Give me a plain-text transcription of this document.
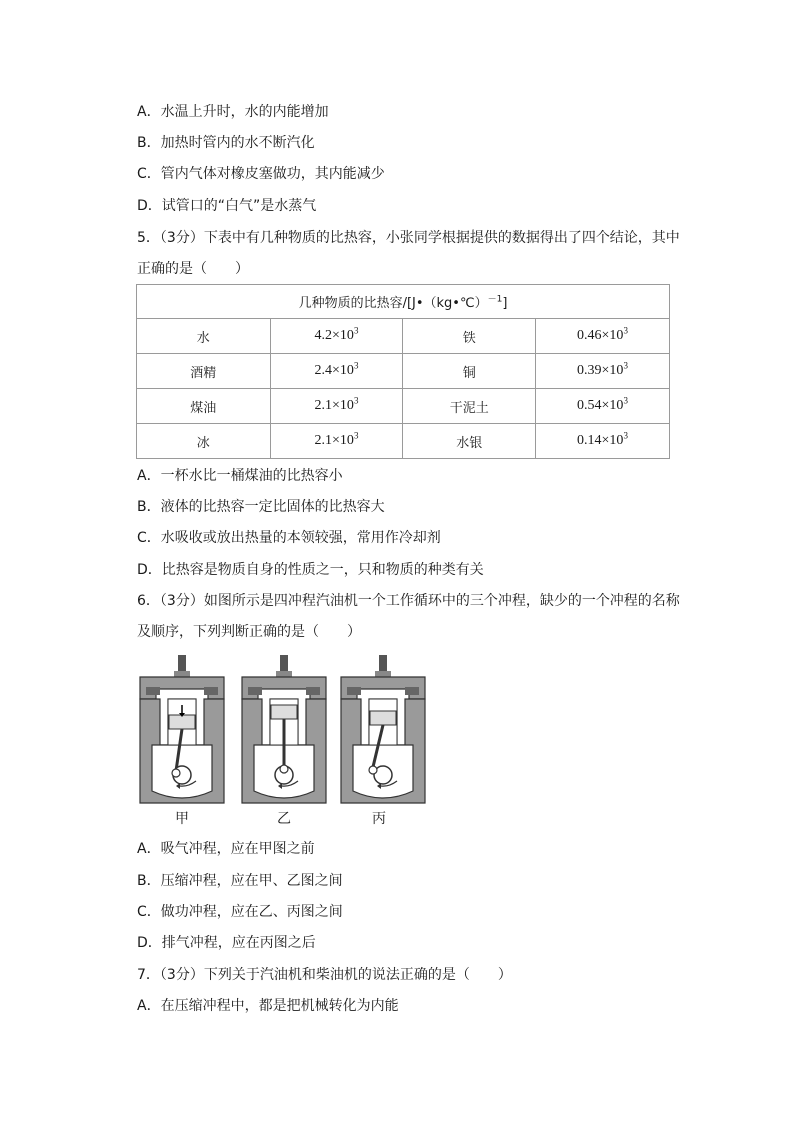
A．水温上升时，水的内能增加
B．加热时管内的水不断汽化
C．管内气体对橡皮塞做功，其内能减少
D．试管口的“白气”是水蒸气
5．（3分）下表中有几种物质的比热容，小张同学根据提供的数据得出了四个结论，其中
正确的是（　　）
几种物质的比热容/[J•（kg•℃）$^{-1}$]			
水	$4.2\times 10^3$	铁	$0.46\times 10^3$
酒精	$2.4\times 10^3$	铜	$0.39\times 10^3$
煤油	$2.1\times 10^3$	干泥土	$0.54\times 10^3$
冰	$2.1\times 10^3$	水银	$0.14\times 10^3$
A．一杯水比一桶煤油的比热容小
B．液体的比热容一定比固体的比热容大
C．水吸收或放出热量的本领较强，常用作冷却剂
D．比热容是物质自身的性质之一，只和物质的种类有关
6．（3分）如图所示是四冲程汽油机一个工作循环中的三个冲程，缺少的一个冲程的名称
及顺序，下列判断正确的是（　　）
甲	乙	丙
A．吸气冲程，应在甲图之前
B．压缩冲程，应在甲、乙图之间
C．做功冲程，应在乙、丙图之间
D．排气冲程，应在丙图之后
7．（3分）下列关于汽油机和柴油机的说法正确的是（　　）
A．在压缩冲程中，都是把机械转化为内能
